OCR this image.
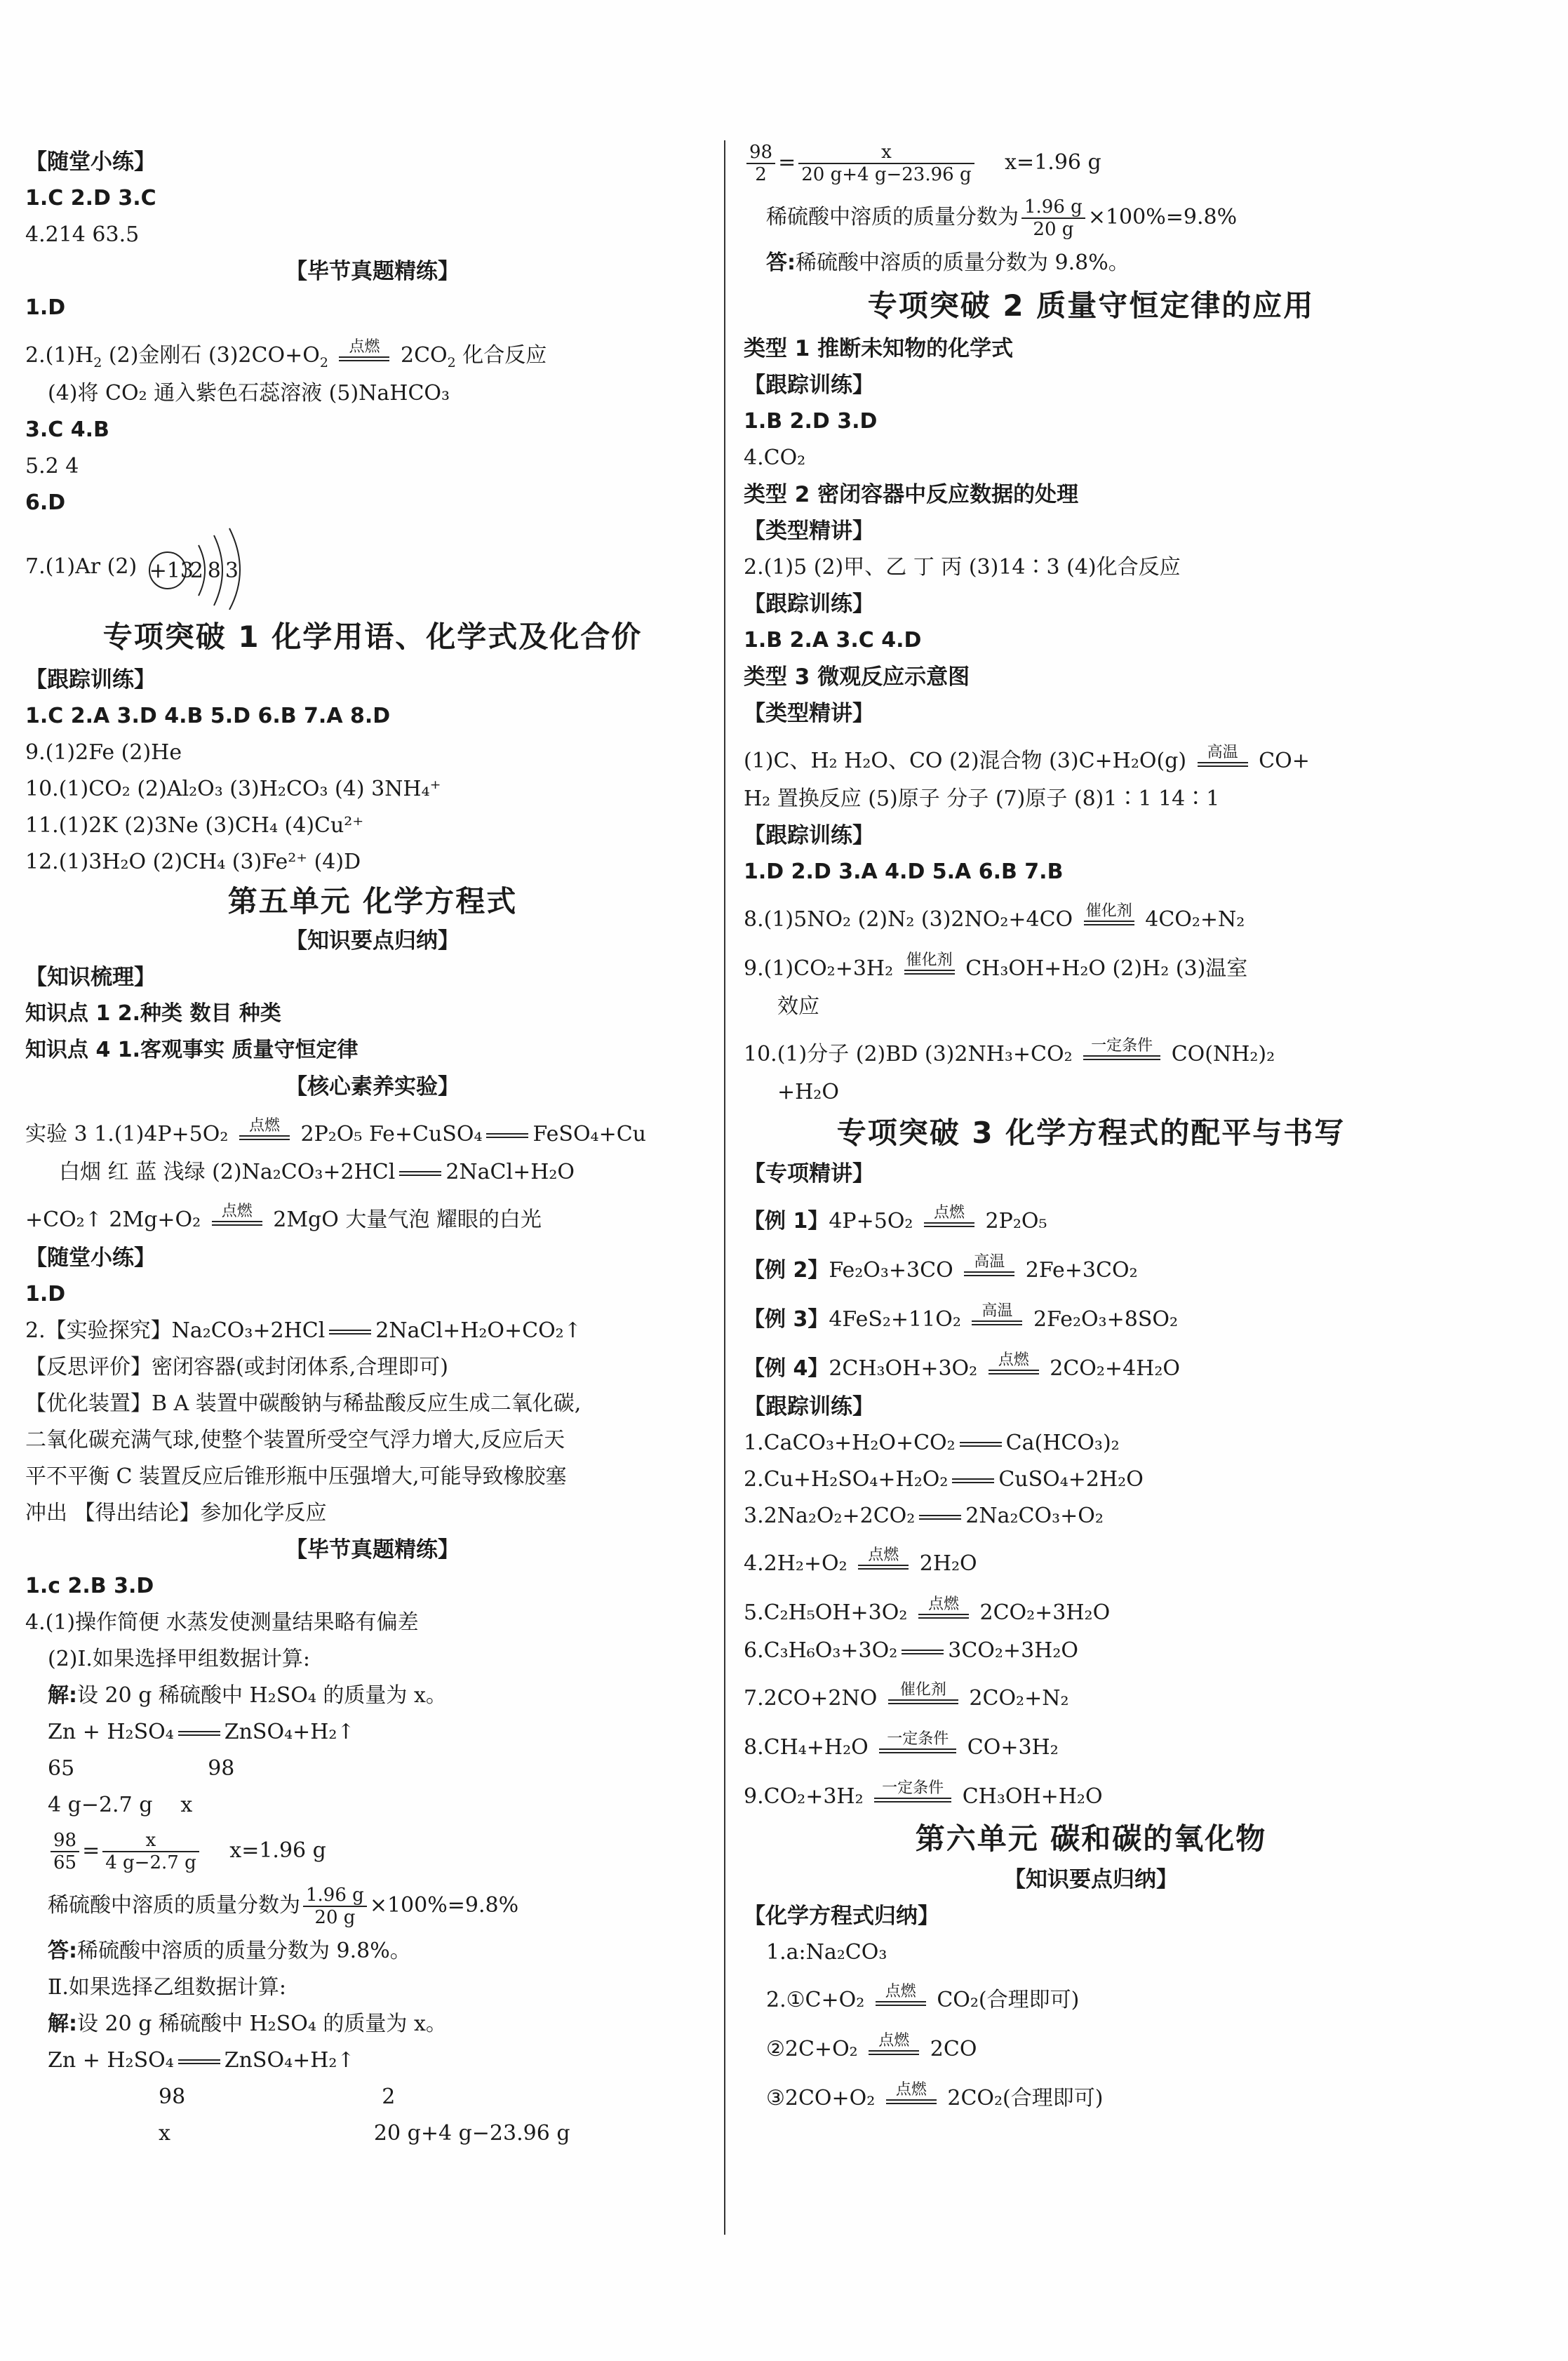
【随堂小练】
1.C 2.D 3.C
4.214 63.5
【毕节真题精练】
1.D
$2.(1)H_2$ (2)金刚石 $(3)2CO+O_2$
点燃 $2CO_2$ 化合反应
(4)将 CO₂ 通入紫色石蕊溶液 (5)NaHCO₃
3.C 4.B
5.2 4
6.D
7.(1)Ar (2) +13
283
专项突破 1 化学用语、化学式及化合价
【跟踪训练】
1.C 2.A 3.D 4.B 5.D 6.B 7.A 8.D
9.(1)2Fe (2)He
10.(1)CO₂ (2)Al₂O₃ (3)H₂CO₃ (4) 3NH₄⁺
11.(1)2K (2)3Ne (3)CH₄ (4)Cu²⁺
12.(1)3H₂O (2)CH₄ (3)Fe²⁺ (4)D
第五单元 化学方程式
【知识要点归纳】
【知识梳理】
知识点 1 2.种类 数目 种类
知识点 4 1.客观事实 质量守恒定律
【核心素养实验】
实验 3 1.(1)4P+5O₂	点燃 2P₂O₅ Fe+CuSO₄ FeSO₄+Cu
白烟 红 蓝 浅绿 (2)Na₂CO₃+2HCl 2NaCl+H₂O
+CO₂↑ 2Mg+O₂	点燃 2MgO 大量气泡 耀眼的白光
【随堂小练】
1.D
2.【实验探究】Na₂CO₃+2HCl 2NaCl+H₂O+CO₂↑
【反思评价】密闭容器(或封闭体系,合理即可)
【优化装置】B A 装置中碳酸钠与稀盐酸反应生成二氧化碳,
二氧化碳充满气球,使整个装置所受空气浮力增大,反应后天
平不平衡 C 装置反应后锥形瓶中压强增大,可能导致橡胶塞
冲出 【得出结论】参加化学反应
【毕节真题精练】
1.c 2.B 3.D
4.(1)操作简便 水蒸发使测量结果略有偏差
(2)Ⅰ.如果选择甲组数据计算:
解:设 20 g 稀硫酸中 H₂SO₄ 的质量为 x。
Zn + H₂SO₄ ZnSO₄+H₂↑
65	98
4 g−2.7 g x
$\frac{98}{65} = \frac{x}{4 g-2.7 g} x=1.96$ g
稀硫酸中溶质的质量分数为 $\frac{1.96 g}{20 g} \times 100\%=9.8\%$
答:稀硫酸中溶质的质量分数为 9.8%。
Ⅱ.如果选择乙组数据计算:
解:设 20 g 稀硫酸中 H₂SO₄ 的质量为 x。
Zn + H₂SO₄ ZnSO₄+H₂↑
98	2
x	20 g+4 g−23.96 g
$\frac{98}{2} = \frac{x}{20 g+4 g-23.96 g} x=1.96$ g
稀硫酸中溶质的质量分数为 $\frac{1.96 g}{20 g} \times 100\%=9.8\%$
答:稀硫酸中溶质的质量分数为 9.8%。
专项突破 2 质量守恒定律的应用
类型 1 推断未知物的化学式
【跟踪训练】
1.B 2.D 3.D
4.CO₂
类型 2 密闭容器中反应数据的处理
【类型精讲】
2.(1)5 (2)甲、乙 丁 丙 (3)14∶3 (4)化合反应
【跟踪训练】
1.B 2.A 3.C 4.D
类型 3 微观反应示意图
【类型精讲】
(1)C、H₂ H₂O、CO (2)混合物 (3)C+H₂O(g)	高温 CO+
H₂ 置换反应 (5)原子 分子 (7)原子 (8)1∶1 14∶1
【跟踪训练】
1.D 2.D 3.A 4.D 5.A 6.B 7.B
8.(1)5NO₂ (2)N₂ (3)2NO₂+4CO 催化剂 4CO₂+N₂
9.(1)CO₂+3H₂ 催化剂 CH₃OH+H₂O (2)H₂ (3)温室
效应
10.(1)分子 (2)BD (3)2NH₃+CO₂	一定条件 CO(NH₂)₂
+H₂O
专项突破 3 化学方程式的配平与书写
【专项精讲】
【例 1】4P+5O₂	点燃 2P₂O₅
【例 2】Fe₂O₃+3CO	高温 2Fe+3CO₂
【例 3】4FeS₂+11O₂	高温 2Fe₂O₃+8SO₂
【例 4】2CH₃OH+3O₂	点燃 2CO₂+4H₂O
【跟踪训练】
1.CaCO₃+H₂O+CO₂ Ca(HCO₃)₂
2.Cu+H₂SO₄+H₂O₂ CuSO₄+2H₂O
3.2Na₂O₂+2CO₂ 2Na₂CO₃+O₂
4.2H₂+O₂	点燃 2H₂O
5.C₂H₅OH+3O₂	点燃 2CO₂+3H₂O
6.C₃H₆O₃+3O₂ 3CO₂+3H₂O
7.2CO+2NO	催化剂	2CO₂+N₂
8.CH₄+H₂O	一定条件 CO+3H₂
9.CO₂+3H₂	一定条件 CH₃OH+H₂O
第六单元 碳和碳的氧化物
【知识要点归纳】
【化学方程式归纳】
1.a:Na₂CO₃
2.①C+O₂	点燃 CO₂(合理即可)
②2C+O₂	点燃 2CO
③2CO+O₂	点燃 2CO₂(合理即可)
